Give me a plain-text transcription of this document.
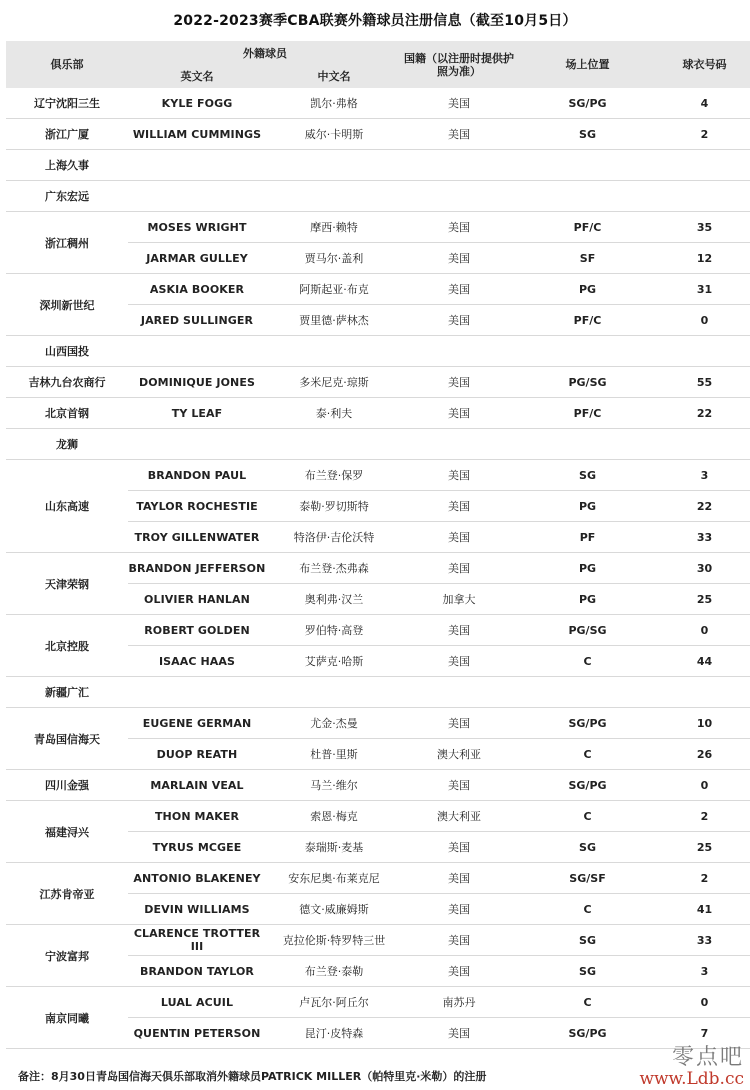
2022-2023赛季CBA联赛外籍球员注册信息（截至10月5日）
俱乐部	外籍球员		国籍（以注册时提供护照为准）	场上位置	球衣号码
	英文名	中文名			
辽宁沈阳三生	KYLE FOGG	凯尔·弗格	美国	SG/PG	4
浙江广厦	WILLIAM CUMMINGS	威尔·卡明斯	美国	SG	2
上海久事					
广东宏远					
浙江稠州	MOSES WRIGHT	摩西·赖特	美国	PF/C	35
	JARMAR GULLEY	贾马尔·盖利	美国	SF	12
深圳新世纪	ASKIA BOOKER	阿斯起亚·布克	美国	PG	31
	JARED SULLINGER	贾里德·萨林杰	美国	PF/C	0
山西国投					
吉林九台农商行	DOMINIQUE JONES	多米尼克·琼斯	美国	PG/SG	55
北京首钢	TY LEAF	泰·利夫	美国	PF/C	22
龙狮					
山东高速	BRANDON PAUL	布兰登·保罗	美国	SG	3
	TAYLOR ROCHESTIE	泰勒·罗切斯特	美国	PG	22
	TROY GILLENWATER	特洛伊·吉伦沃特	美国	PF	33
天津荣钢	BRANDON JEFFERSON	布兰登·杰弗森	美国	PG	30
	OLIVIER HANLAN	奥利弗·汉兰	加拿大	PG	25
北京控股	ROBERT GOLDEN	罗伯特·高登	美国	PG/SG	0
	ISAAC HAAS	艾萨克·哈斯	美国	C	44
新疆广汇					
青岛国信海天	EUGENE GERMAN	尤金·杰曼	美国	SG/PG	10
	DUOP REATH	杜普·里斯	澳大利亚	C	26
四川金强	MARLAIN VEAL	马兰·维尔	美国	SG/PG	0
福建浔兴	THON MAKER	索恩·梅克	澳大利亚	C	2
	TYRUS MCGEE	泰瑞斯·麦基	美国	SG	25
江苏肯帝亚	ANTONIO BLAKENEY	安东尼奥·布莱克尼	美国	SG/SF	2
	DEVIN WILLIAMS	德文·威廉姆斯	美国	C	41
宁波富邦	CLARENCE TROTTER III	克拉伦斯·特罗特三世	美国	SG	33
	BRANDON TAYLOR	布兰登·泰勒	美国	SG	3
南京同曦	LUAL ACUIL	卢瓦尔·阿丘尔	南苏丹	C	0
	QUENTIN PETERSON	昆汀·皮特森	美国	SG/PG	7
备注：8月30日青岛国信海天俱乐部取消外籍球员PATRICK MILLER（帕特里克·米勒）的注册
零点吧
www.Ldb.cc
